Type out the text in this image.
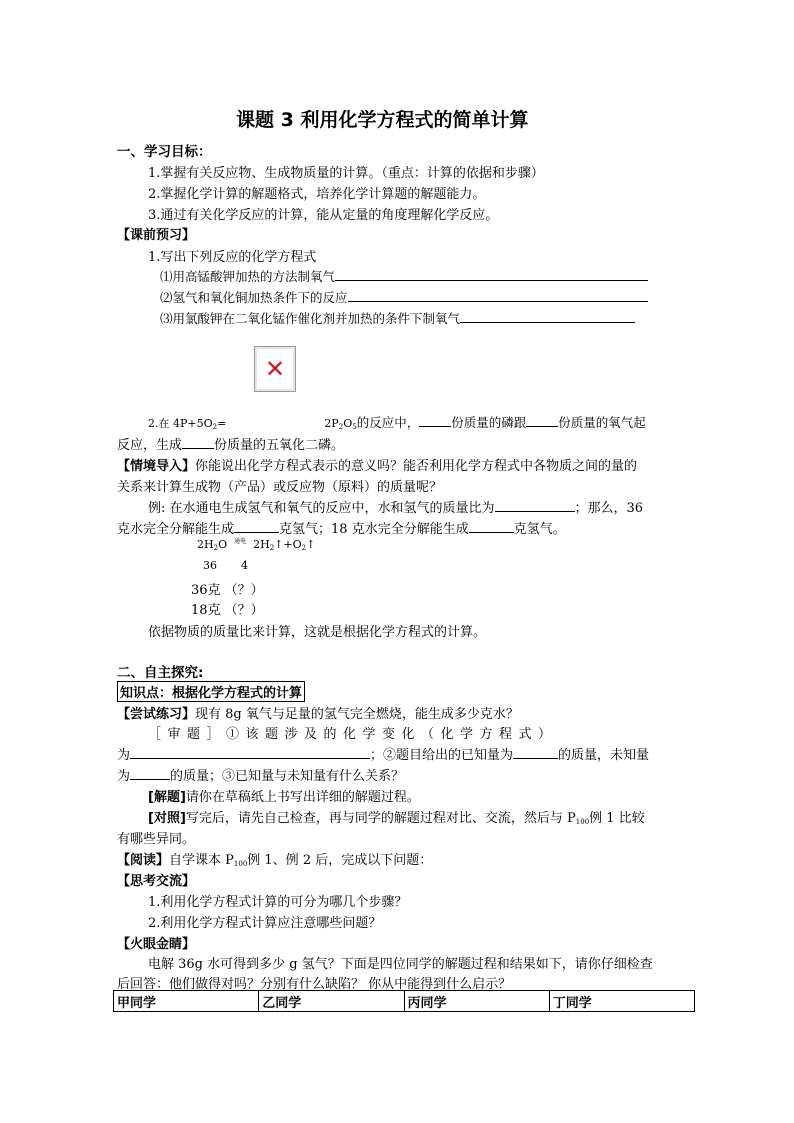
课题 3 利用化学方程式的简单计算
一、学习目标：
1.掌握有关反应物、生成物质量的计算。（重点：计算的依据和步骤）
2.掌握化学计算的解题格式，培养化学计算题的解题能力。
3.通过有关化学反应的计算，能从定量的角度理解化学反应。
【课前预习】
1.写出下列反应的化学方程式
⑴用高锰酸钾加热的方法制氧气
⑵氢气和氧化铜加热条件下的反应
⑶用氯酸钾在二氧化锰作催化剂并加热的条件下制氧气
✕
2.在 $4P+5O_2=$	$2P_2O_5$的反应中，	份质量的磷跟	份质量的氧气起
反应，生成 份质量的五氧化二磷。
【情境导入】你能说出化学方程式表示的意义吗？能否利用化学方程式中各物质之间的量的
关系来计算生成物（产品）或反应物（原料）的质量呢？
例: 在水通电生成氢气和氧气的反应中，水和氢气的质量比为	；那么，36
克水完全分解能生成	克氢气；18 克水完全分解能生成	克氢气。
$2H_2O$ $^{通电}$ $2H_2↑+O_2↑$
36 4
36克 （？）
18克 （？）
依据物质的质量比来计算，这就是根据化学方程式的计算。
二、自主探究:
知识点：根据化学方程式的计算
【尝试练习】现有 8g 氧气与足量的氢气完全燃烧，能生成多少克水？
［审题］①该题涉及的化学变化（化学方程式）
为	；②题目给出的已知量为	的质量，未知量
为	的质量；③已知量与未知量有什么关系？
[解题]请你在草稿纸上书写出详细的解题过程。
[对照]写完后，请先自己检查，再与同学的解题过程对比、交流，然后与 $P_{100}$例 1 比较
有哪些异同。
【阅读】自学课本 $P_{100}$例 1、例 2 后，完成以下问题：
【思考交流】
1.利用化学方程式计算的可分为哪几个步骤？
2.利用化学方程式计算应注意哪些问题？
【火眼金睛】
电解 36g 水可得到多少 g 氢气？下面是四位同学的解题过程和结果如下，请你仔细检查
后回答：他们做得对吗？分别有什么缺陷？ 你从中能得到什么启示？
甲同学	乙同学	丙同学	丁同学
